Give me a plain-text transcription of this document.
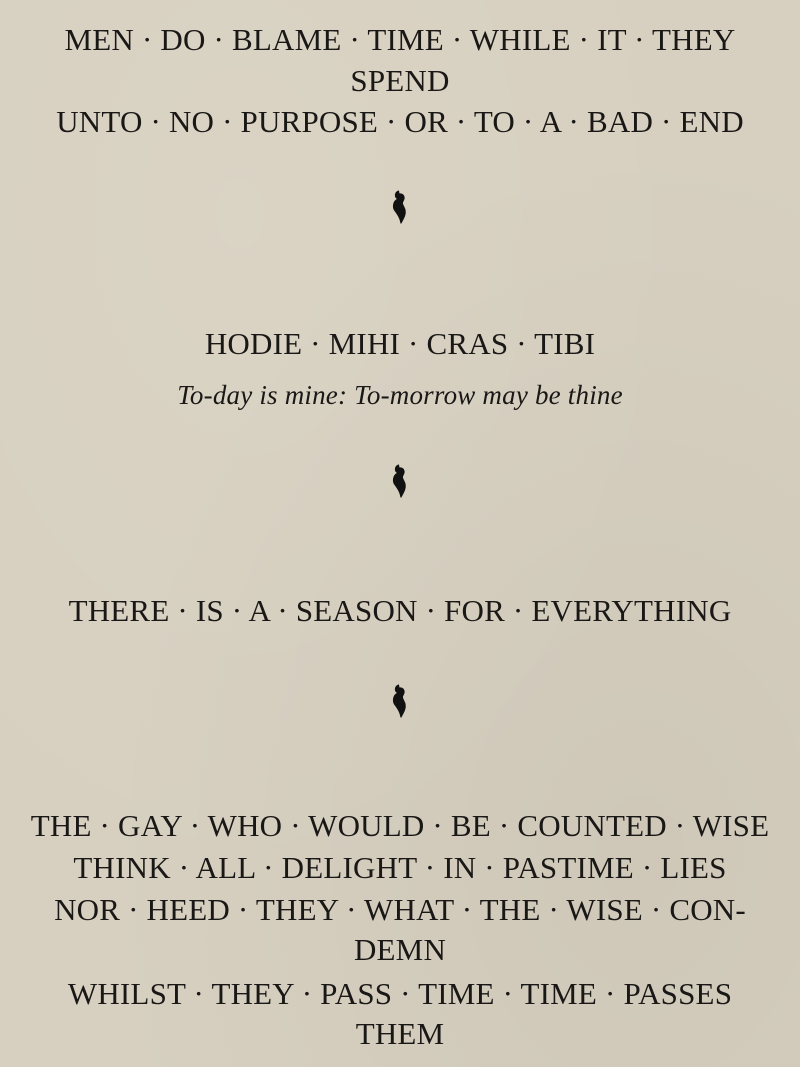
MEN · DO · BLAME · TIME · WHILE · IT · THEY
SPEND
UNTO · NO · PURPOSE · OR · TO · A · BAD · END
HODIE · MIHI · CRAS · TIBI
To-day is mine: To-morrow may be thine
THERE · IS · A · SEASON · FOR · EVERYTHING
THE · GAY · WHO · WOULD · BE · COUNTED · WISE
THINK · ALL · DELIGHT · IN · PASTIME · LIES
NOR · HEED · THEY · WHAT · THE · WISE · CON-
DEMN
WHILST · THEY · PASS · TIME · TIME · PASSES
THEM
